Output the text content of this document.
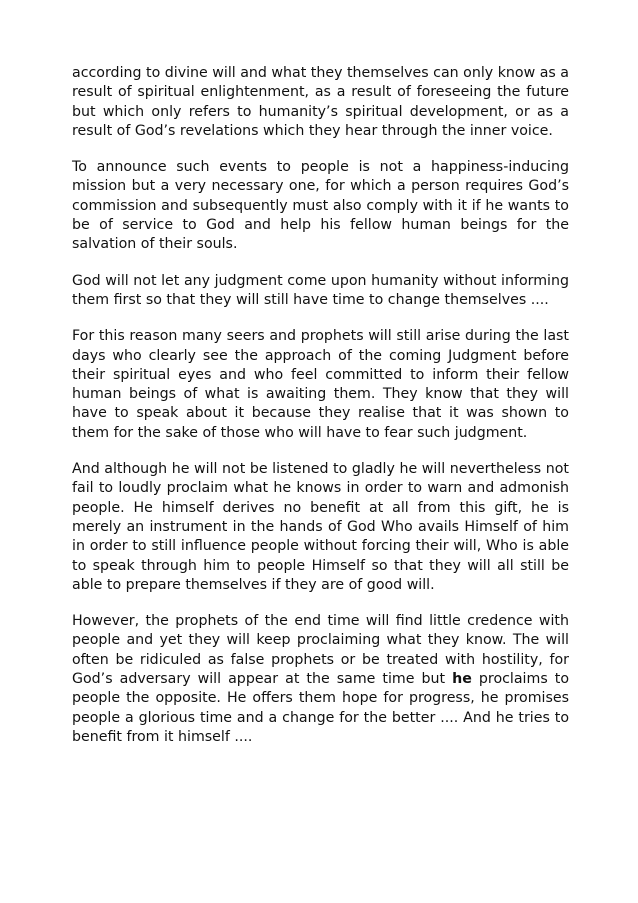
according to divine will and what they themselves can only know as a result of spiritual enlightenment, as a result of foreseeing the future but which only refers to humanity’s spiritual development, or as a result of God’s revelations which they hear through the inner voice.

To announce such events to people is not a happiness-inducing mission but a very necessary one, for which a person requires God’s commission and subsequently must also comply with it if he wants to be of service to God and help his fellow human beings for the salvation of their souls.

God will not let any judgment come upon humanity without informing them first so that they will still have time to change themselves ....

For this reason many seers and prophets will still arise during the last days who clearly see the approach of the coming Judgment before their spiritual eyes and who feel committed to inform their fellow human beings of what is awaiting them. They know that they will have to speak about it because they realise that it was shown to them for the sake of those who will have to fear such judgment.

And although he will not be listened to gladly he will nevertheless not fail to loudly proclaim what he knows in order to warn and admonish people. He himself derives no benefit at all from this gift, he is merely an instrument in the hands of God Who avails Himself of him in order to still influence people without forcing their will, Who is able to speak through him to people Himself so that they will all still be able to prepare themselves if they are of good will.

However, the prophets of the end time will find little credence with people and yet they will keep proclaiming what they know. The will often be ridiculed as false prophets or be treated with hostility, for God’s adversary will appear at the same time but he proclaims to people the opposite. He offers them hope for progress, he promises people a glorious time and a change for the better .... And he tries to benefit from it himself ....
